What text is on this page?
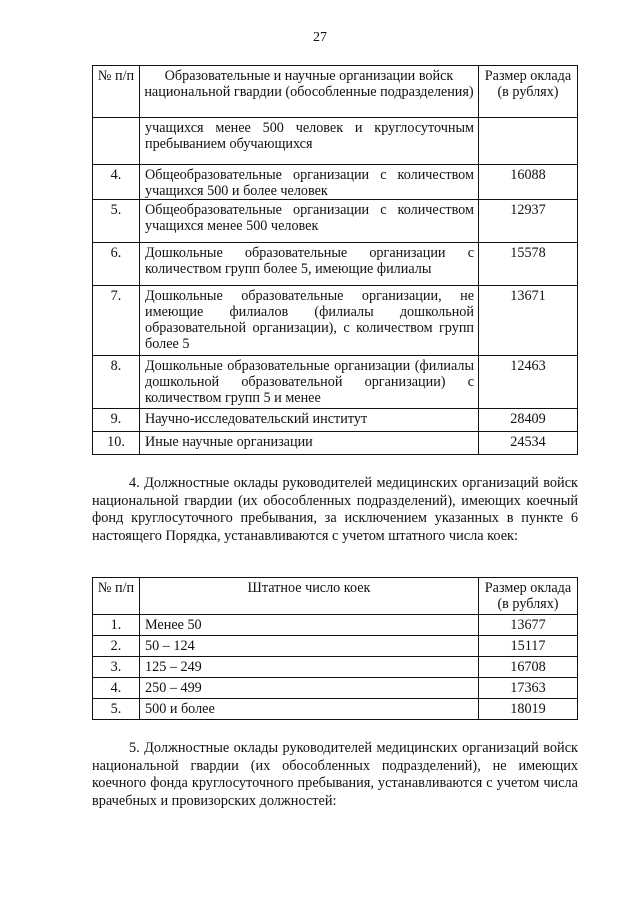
27
№ п/п	Образовательные и научные организации войск национальной гвардии (обособленные подразделения)	Размер оклада (в рублях)
	учащихся менее 500 человек и круглосуточным пребыванием обучающихся	
4.	Общеобразовательные организации с количеством учащихся 500 и более человек	16088
5.	Общеобразовательные организации с количеством учащихся менее 500 человек	12937
6.	Дошкольные образовательные организации с количеством групп более 5, имеющие филиалы	15578
7.	Дошкольные образовательные организации, не имеющие филиалов (филиалы дошкольной образовательной организации), с количеством групп более 5	13671
8.	Дошкольные образовательные организации (филиалы дошкольной образовательной организации) с количеством групп 5 и менее	12463
9.	Научно-исследовательский институт	28409
10.	Иные научные организации	24534

4. Должностные оклады руководителей медицинских организаций войск национальной гвардии (их обособленных подразделений), имеющих коечный фонд круглосуточного пребывания, за исключением указанных в пункте 6 настоящего Порядка, устанавливаются с учетом штатного числа коек:

№ п/п	Штатное число коек	Размер оклада (в рублях)
1.	Менее 50	13677
2.	50 – 124	15117
3.	125 – 249	16708
4.	250 – 499	17363
5.	500 и более	18019

5. Должностные оклады руководителей медицинских организаций войск национальной гвардии (их обособленных подразделений), не имеющих коечного фонда круглосуточного пребывания, устанавливаются с учетом числа врачебных и провизорских должностей:
